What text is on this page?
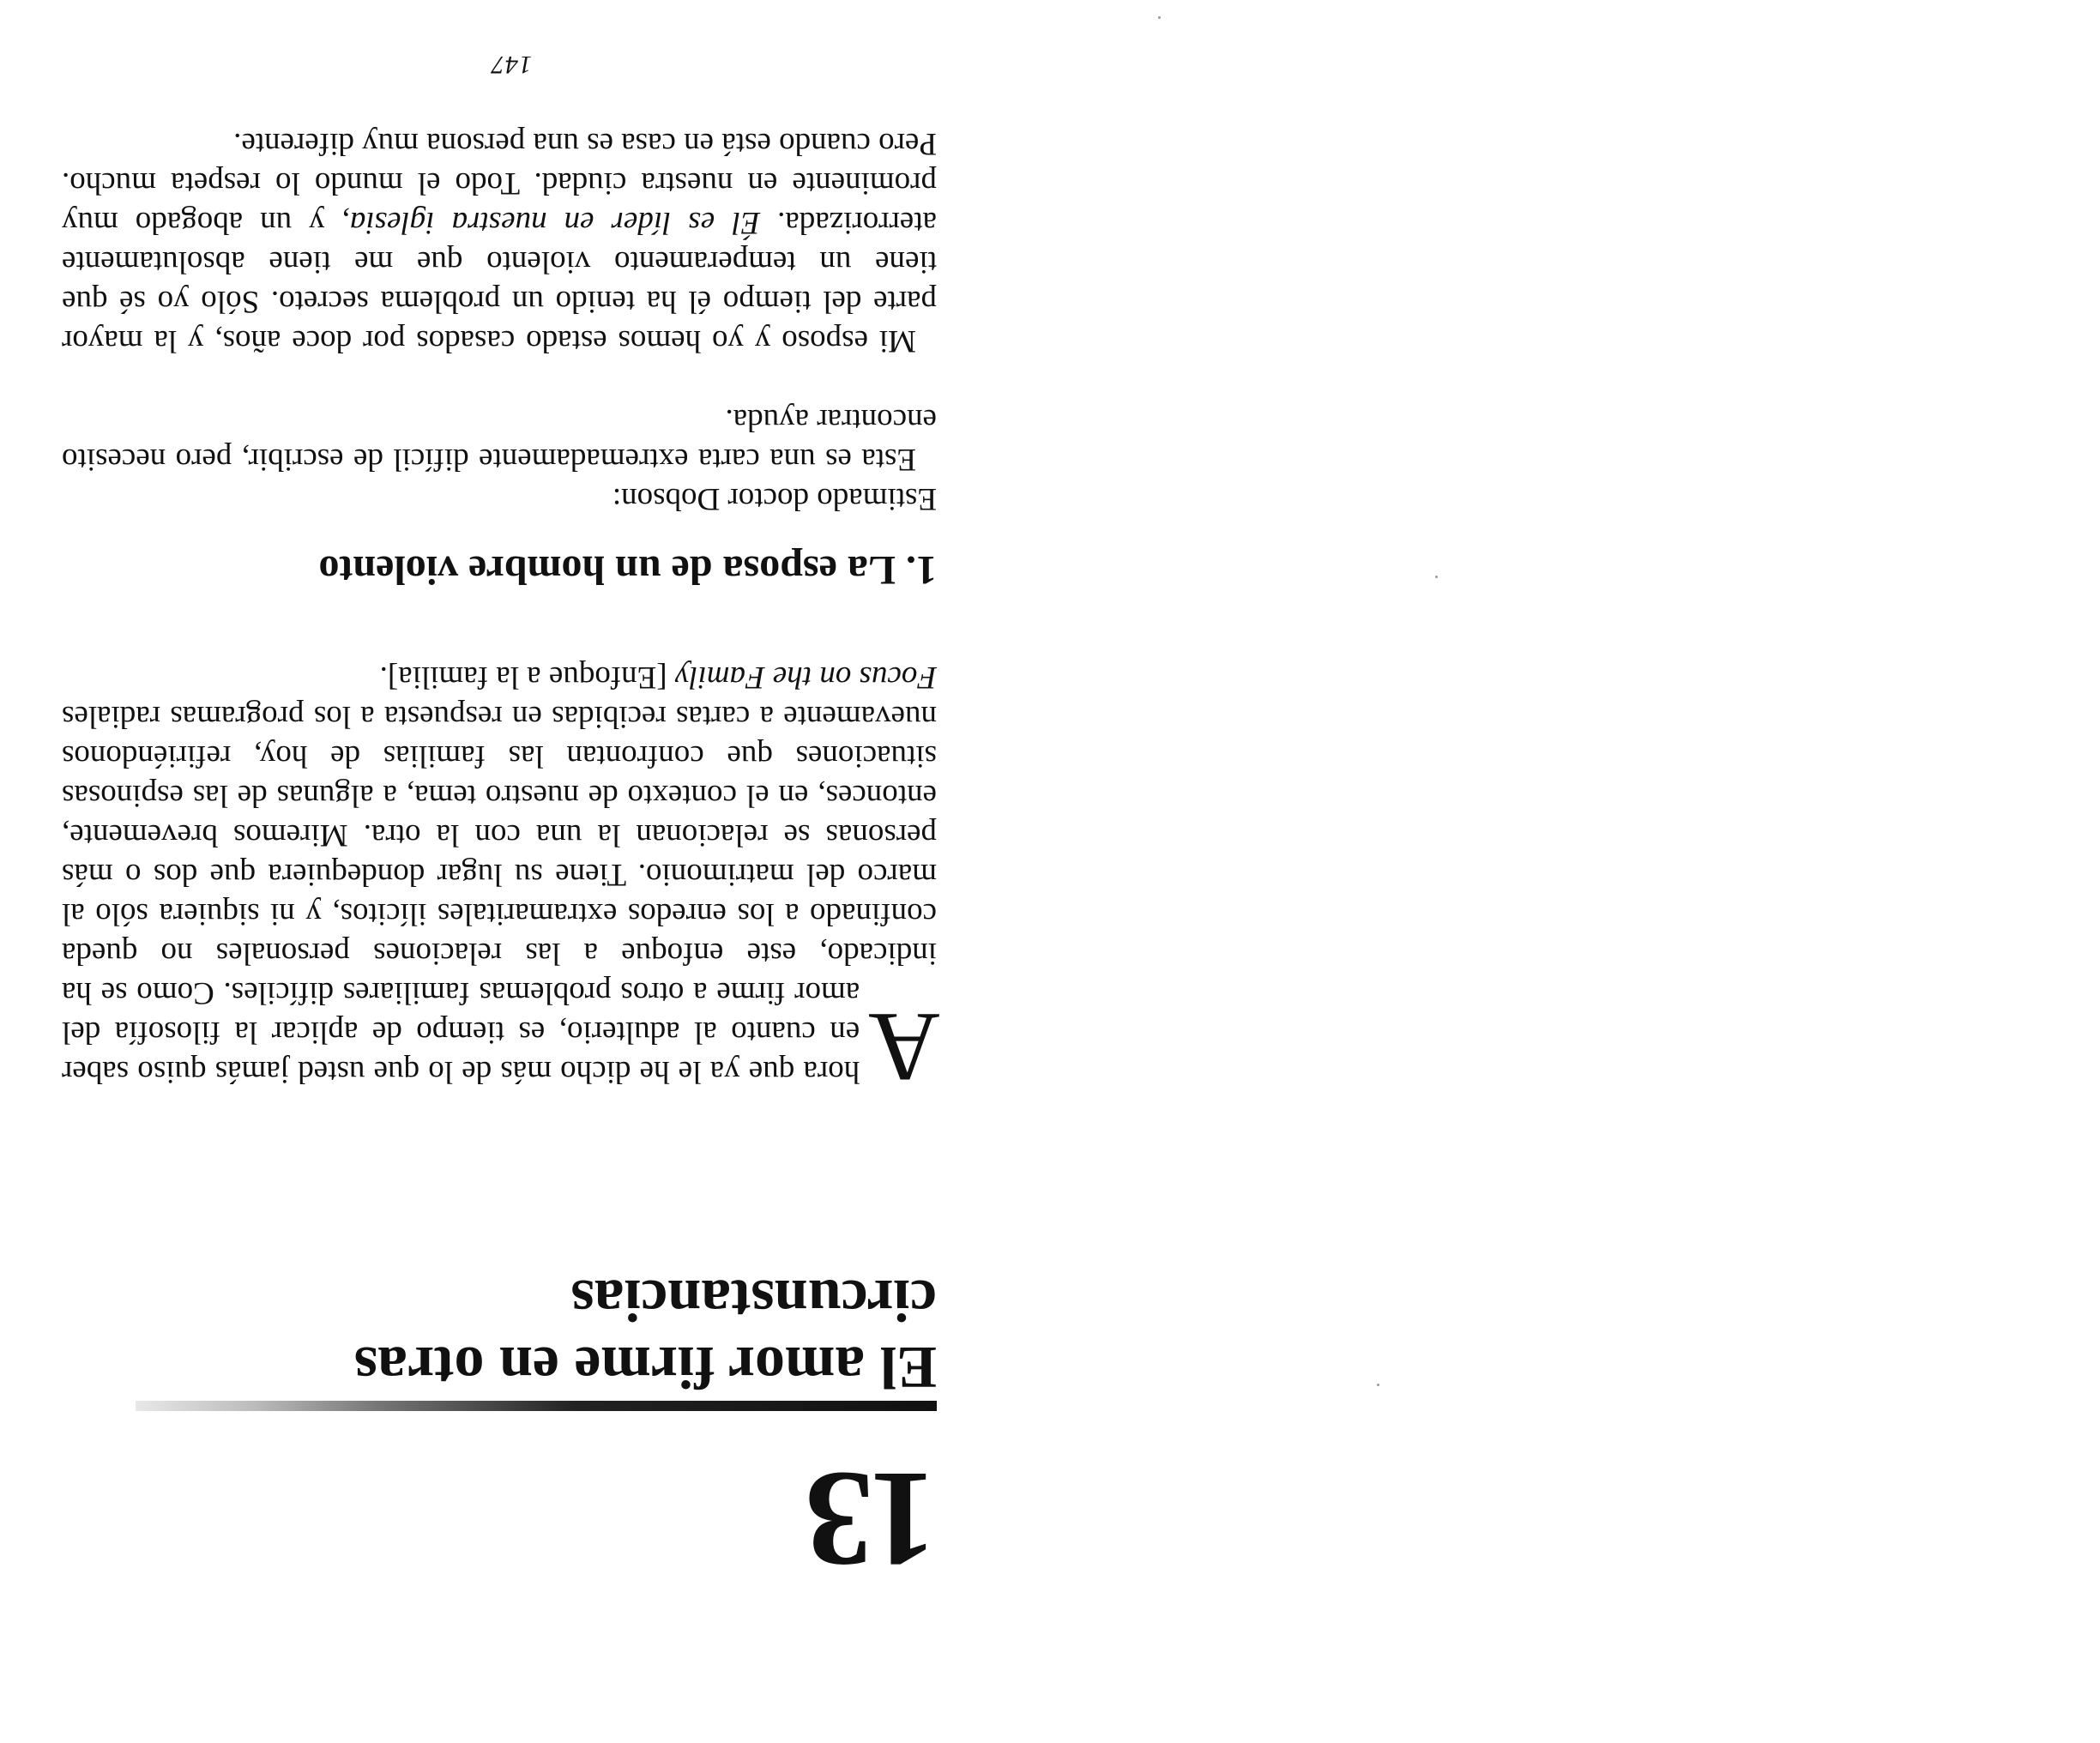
13
El amor firme en otras circunstancias

A
hora que ya le he dicho más de lo que usted jamás quiso saber en cuanto al adulterio, es tiempo de aplicar la filosofía del amor firme a otros problemas familiares difíciles. Como se ha indicado, este enfoque a las relaciones personales no queda confinado a los enredos extramaritales ilícitos, y ni siquiera sólo al marco del matrimonio. Tiene su lugar dondequiera que dos o más personas se relacionan la una con la otra. Miremos brevemente, entonces, en el contexto de nuestro tema, a algunas de las espinosas situaciones que confrontan las familias de hoy, refiriéndonos nuevamente a cartas recibidas en respuesta a los programas radiales Focus on the Family [Enfoque a la familia].

1. La esposa de un hombre violento

Estimado doctor Dobson:

Esta es una carta extremadamente difícil de escribir, pero necesito encontrar ayuda.

Mi esposo y yo hemos estado casados por doce años, y la mayor parte del tiempo él ha tenido un problema secreto. Sólo yo sé que tiene un temperamento violento que me tiene absolutamente aterrorizada. Él es líder en nuestra iglesia, y un abogado muy prominente en nuestra ciudad. Todo el mundo lo respeta mucho. Pero cuando está en casa es una persona muy diferente.

147
